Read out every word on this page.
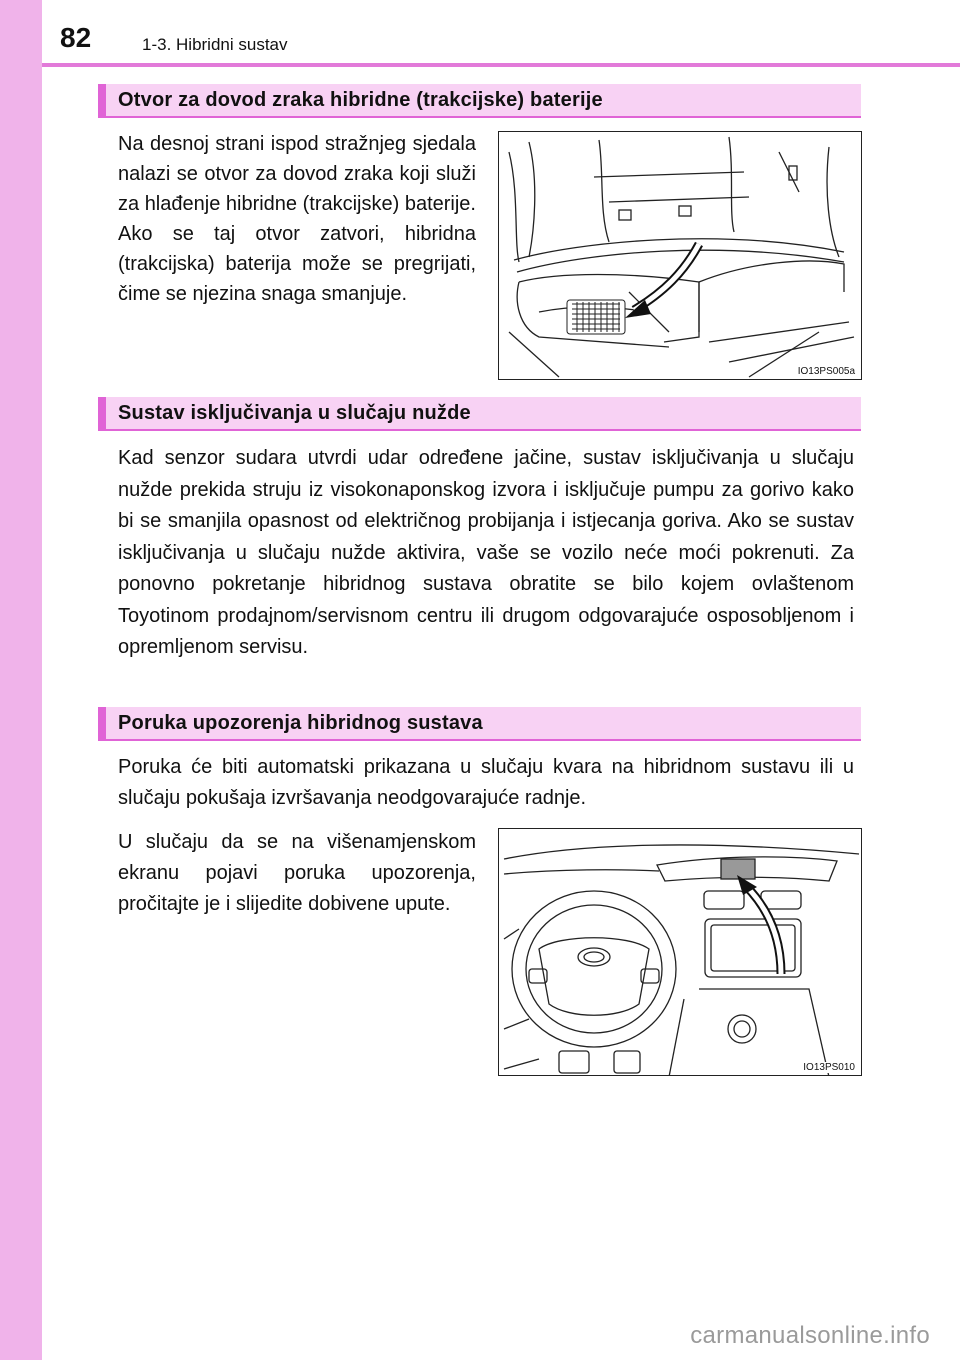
82	1-3. Hibridni sustav
Otvor za dovod zraka hibridne (trakcijske) baterije

Na desnoj strani ispod stražnjeg sjedala nalazi se otvor za dovod zraka koji služi za hlađenje hibridne (trakcijske) baterije. Ako se taj otvor zatvori, hibridna (trakcijska) baterija može se pregrijati, čime se njezina snaga smanjuje.

IO13PS005a
Sustav isključivanja u slučaju nužde

Kad senzor sudara utvrdi udar određene jačine, sustav isključivanja u slučaju nužde prekida struju iz visokonaponskog izvora i isključuje pumpu za gorivo kako bi se smanjila opasnost od električnog probijanja i istjecanja goriva. Ako se sustav isključivanja u slučaju nužde aktivira, vaše se vozilo neće moći pokrenuti. Za ponovno pokretanje hibridnog sustava obratite se bilo kojem ovlaštenom Toyotinom prodajnom/servisnom centru ili drugom odgovarajuće osposobljenom i opremljenom servisu.

Poruka upozorenja hibridnog sustava

Poruka će biti automatski prikazana u slučaju kvara na hibridnom sustavu ili u slučaju pokušaja izvršavanja neodgovarajuće radnje.

U slučaju da se na višenamjenskom ekranu pojavi poruka upozorenja, pročitajte je i slijedite dobivene upute.

IO13PS010
carmanualsonline.info
